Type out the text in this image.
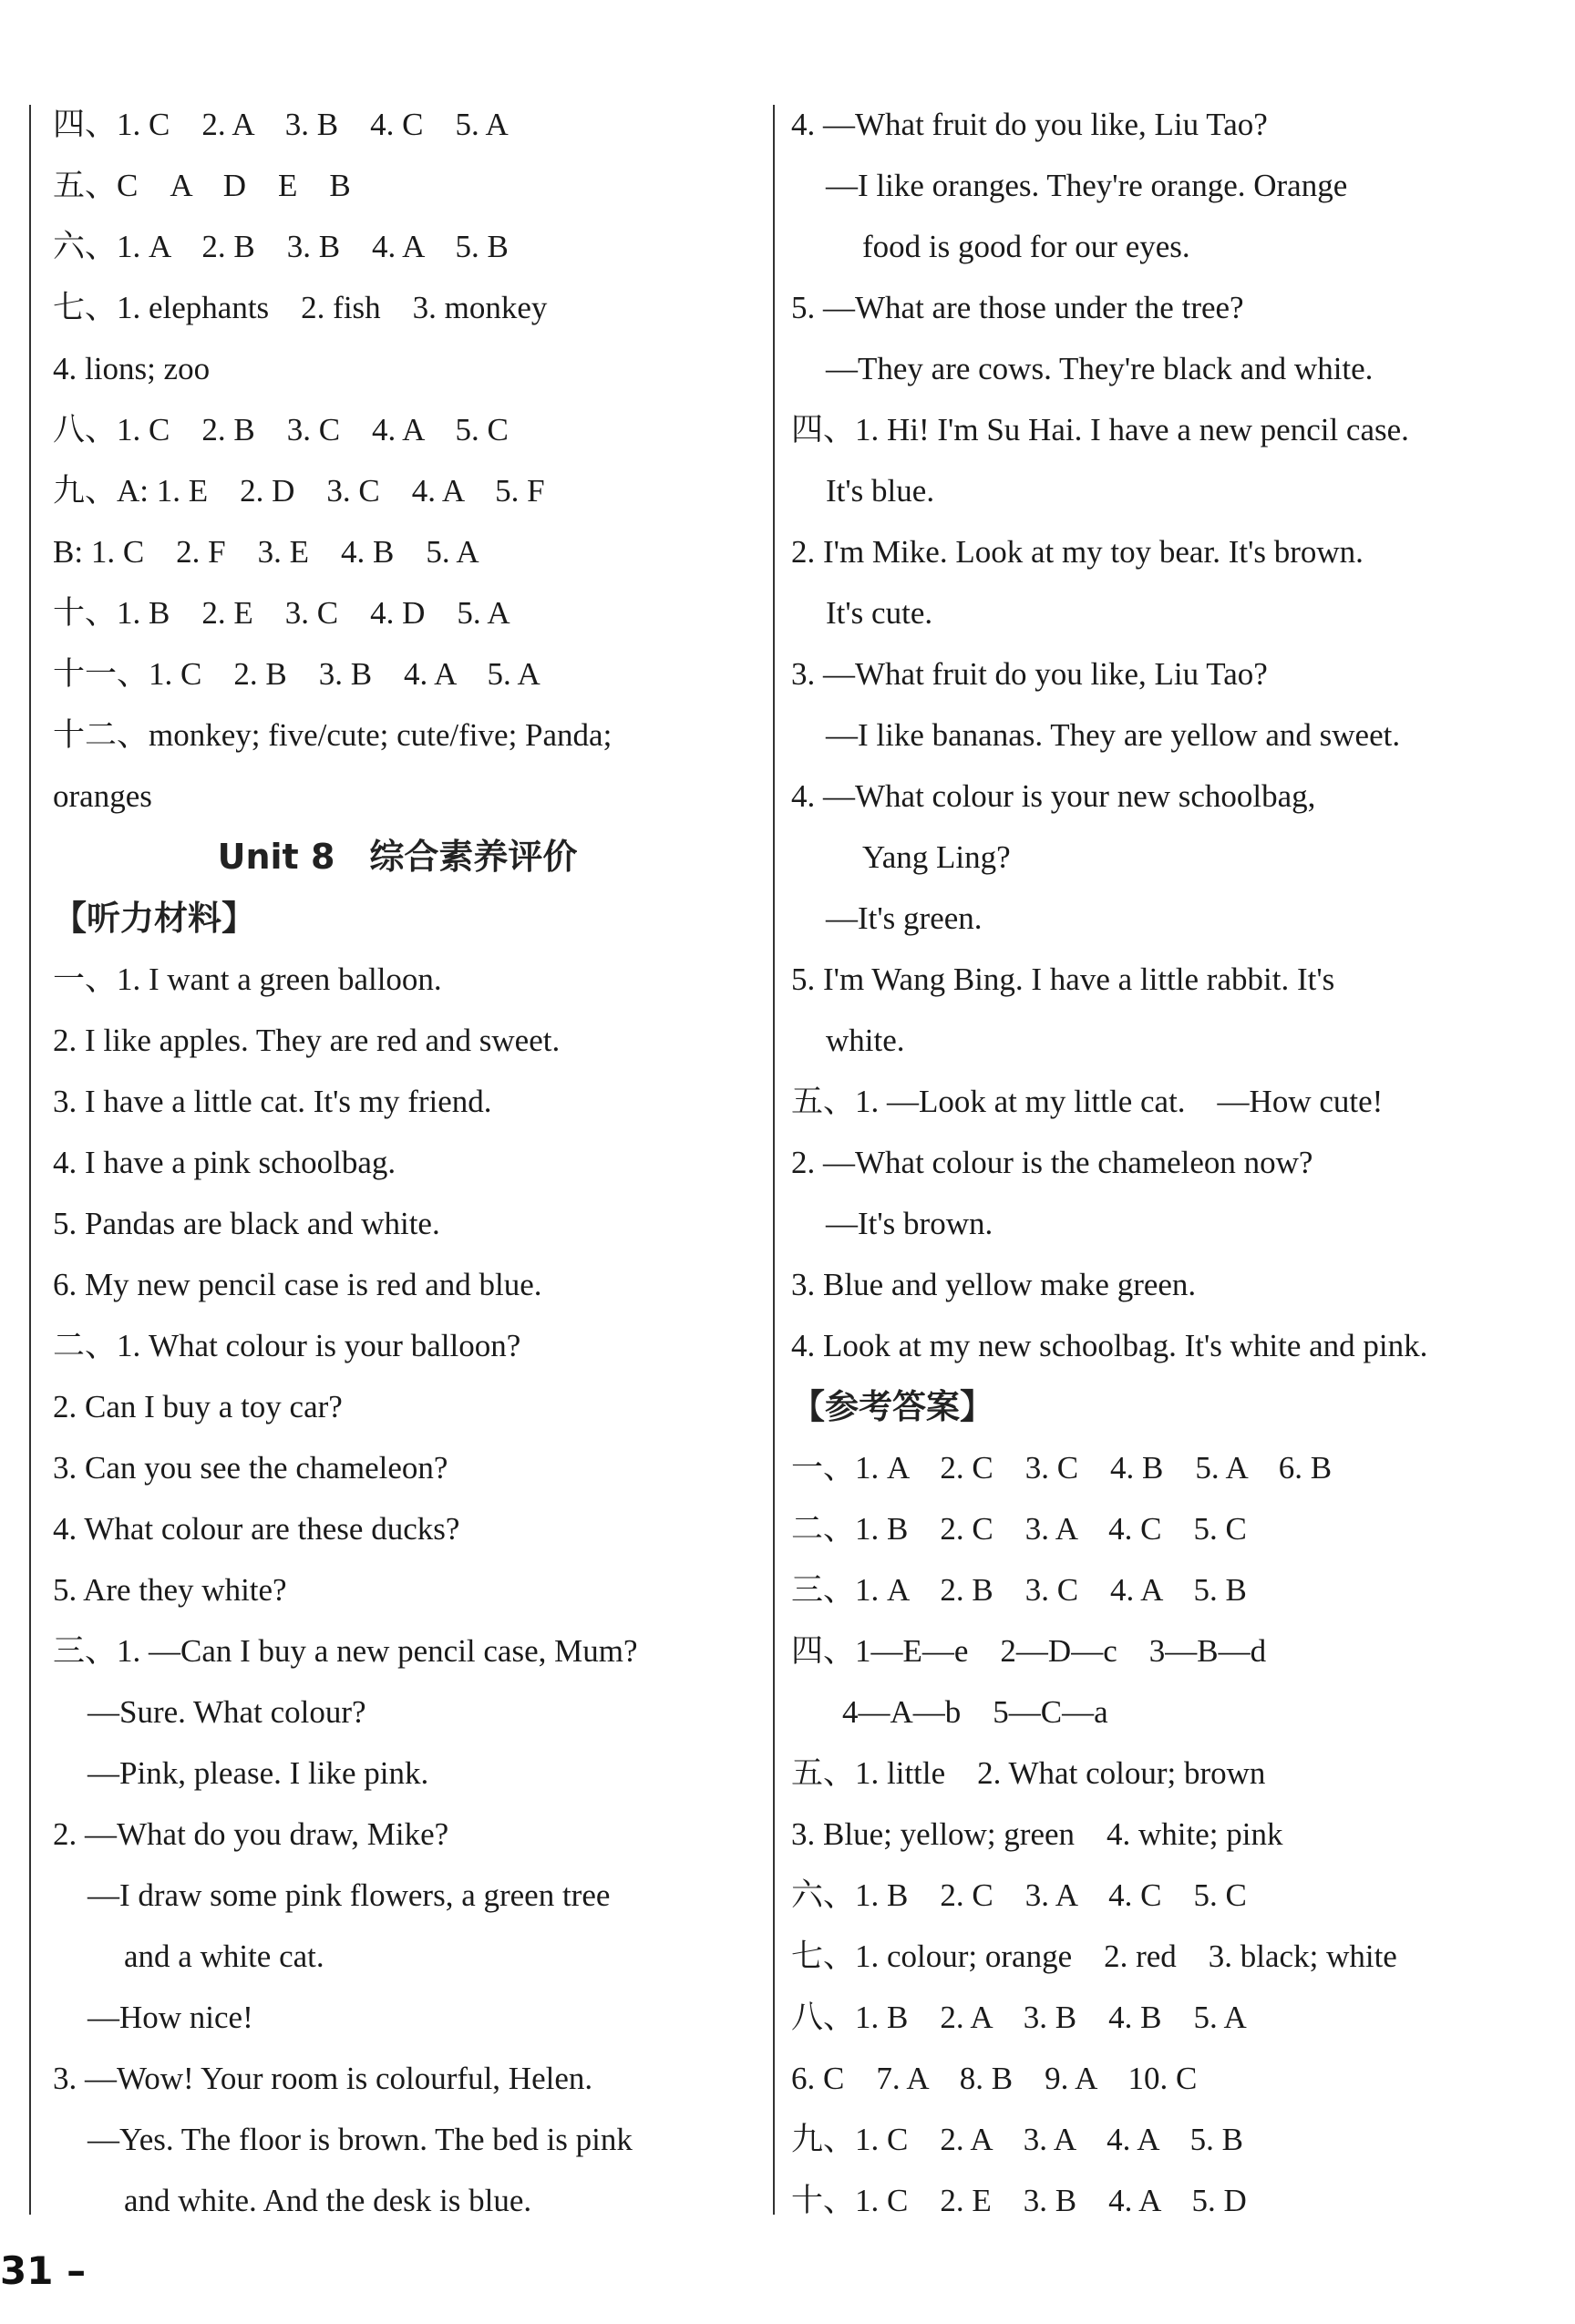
四、1. C　2. A　3. B　4. C　5. A
五、C　A　D　E　B
六、1. A　2. B　3. B　4. A　5. B
七、1. elephants　2. fish　3. monkey
4. lions; zoo
八、1. C　2. B　3. C　4. A　5. C
九、A: 1. E　2. D　3. C　4. A　5. F
B: 1. C　2. F　3. E　4. B　5. A
十、1. B　2. E　3. C　4. D　5. A
十一、1. C　2. B　3. B　4. A　5. A
十二、monkey; five/cute; cute/five; Panda;
oranges
Unit 8　综合素养评价
【听力材料】
一、1. I want a green balloon.
2. I like apples. They are red and sweet.
3. I have a little cat. It's my friend.
4. I have a pink schoolbag.
5. Pandas are black and white.
6. My new pencil case is red and blue.
二、1. What colour is your balloon?
2. Can I buy a toy car?
3. Can you see the chameleon?
4. What colour are these ducks?
5. Are they white?
三、1. —Can I buy a new pencil case, Mum?
—Sure. What colour?
—Pink, please. I like pink.
2. —What do you draw, Mike?
—I draw some pink flowers, a green tree
and a white cat.
—How nice!
3. —Wow! Your room is colourful, Helen.
—Yes. The floor is brown. The bed is pink
and white. And the desk is blue.
4. —What fruit do you like, Liu Tao?
—I like oranges. They're orange. Orange
food is good for our eyes.
5. —What are those under the tree?
—They are cows. They're black and white.
四、1. Hi! I'm Su Hai. I have a new pencil case.
It's blue.
2. I'm Mike. Look at my toy bear. It's brown.
It's cute.
3. —What fruit do you like, Liu Tao?
—I like bananas. They are yellow and sweet.
4. —What colour is your new schoolbag,
Yang Ling?
—It's green.
5. I'm Wang Bing. I have a little rabbit. It's
white.
五、1. —Look at my little cat.　—How cute!
2. —What colour is the chameleon now?
—It's brown.
3. Blue and yellow make green.
4. Look at my new schoolbag. It's white and pink.
【参考答案】
一、1. A　2. C　3. C　4. B　5. A　6. B
二、1. B　2. C　3. A　4. C　5. C
三、1. A　2. B　3. C　4. A　5. B
四、1—E—e　2—D—c　3—B—d
4—A—b　5—C—a
五、1. little　2. What colour; brown
3. Blue; yellow; green　4. white; pink
六、1. B　2. C　3. A　4. C　5. C
七、1. colour; orange　2. red　3. black; white
八、1. B　2. A　3. B　4. B　5. A
6. C　7. A　8. B　9. A　10. C
九、1. C　2. A　3. A　4. A　5. B
十、1. C　2. E　3. B　4. A　5. D
31 –
